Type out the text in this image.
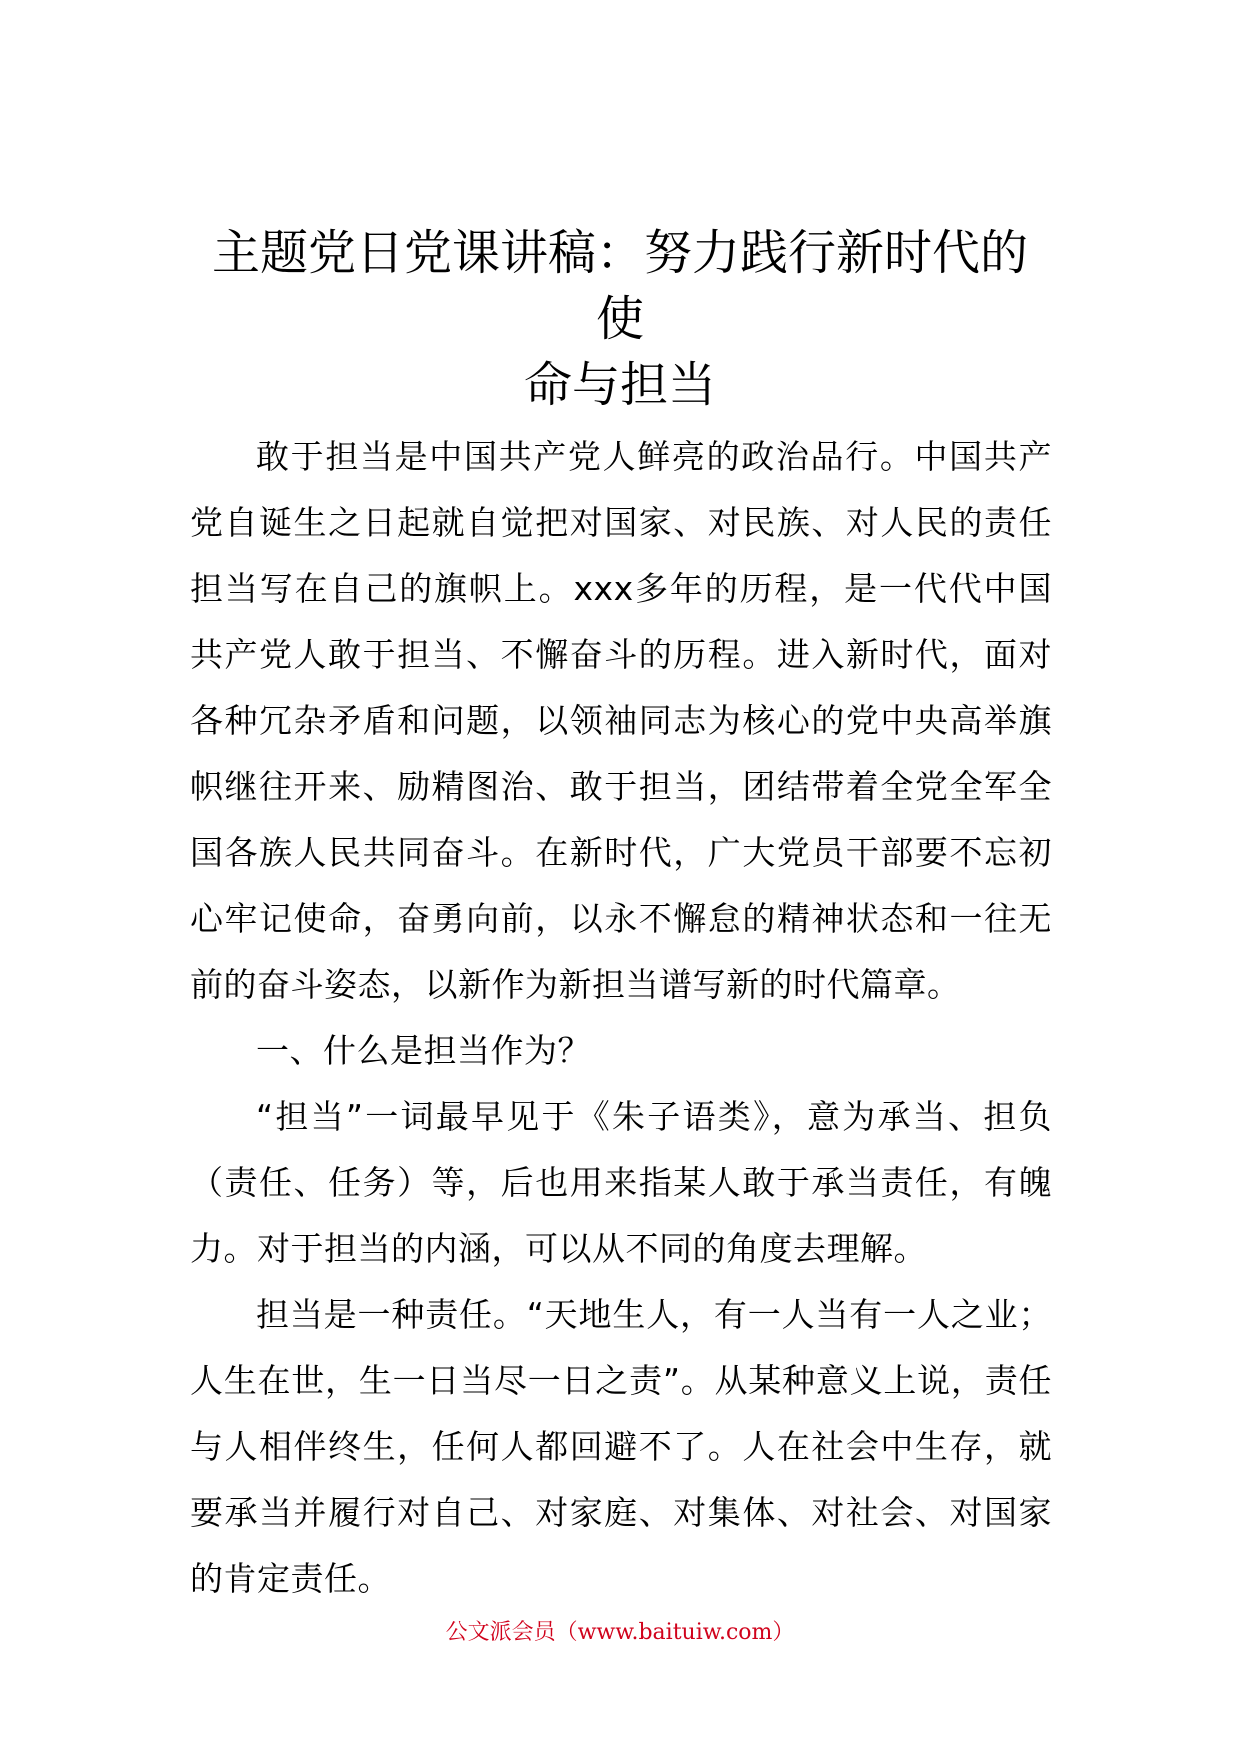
主题党日党课讲稿：努力践行新时代的使
命与担当

敢于担当是中国共产党人鲜亮的政治品行。中国共产党自诞生之日起就自觉把对国家、对民族、对人民的责任担当写在自己的旗帜上。xxx多年的历程，是一代代中国共产党人敢于担当、不懈奋斗的历程。进入新时代，面对各种冗杂矛盾和问题，以领袖同志为核心的党中央高举旗帜继往开来、励精图治、敢于担当，团结带着全党全军全国各族人民共同奋斗。在新时代，广大党员干部要不忘初心牢记使命，奋勇向前，以永不懈怠的精神状态和一往无前的奋斗姿态，以新作为新担当谱写新的时代篇章。

一、什么是担当作为？

“担当”一词最早见于《朱子语类》，意为承当、担负（责任、任务）等，后也用来指某人敢于承当责任，有魄力。对于担当的内涵，可以从不同的角度去理解。

担当是一种责任。“天地生人，有一人当有一人之业；人生在世，生一日当尽一日之责”。从某种意义上说，责任与人相伴终生，任何人都回避不了。人在社会中生存，就要承当并履行对自己、对家庭、对集体、对社会、对国家的肯定责任。

公文派会员（www.baituiw.com）
